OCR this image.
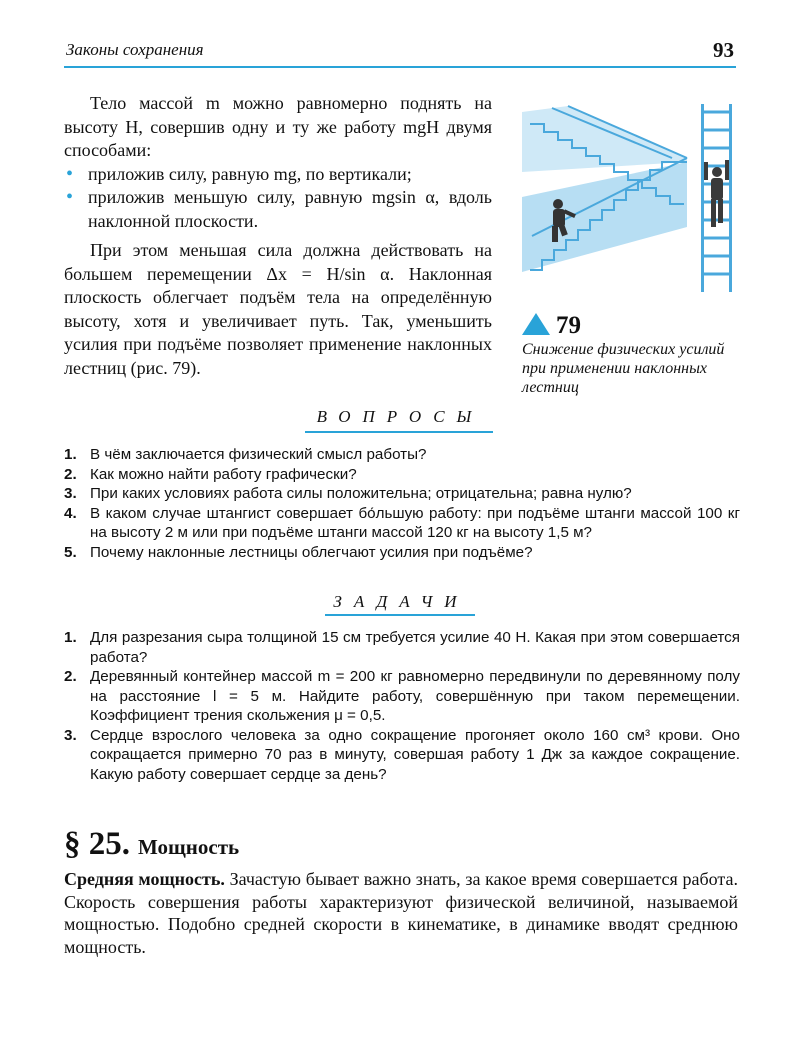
Законы сохранения	93

Тело массой m можно равномерно поднять на высоту H, совершив одну и ту же работу mgH двумя способами:

• приложив силу, равную mg, по вертикали;
• приложив меньшую силу, равную mgsin α, вдоль наклонной плоскости.

При этом меньшая сила должна действовать на большем перемещении Δx = H/sin α. Наклонная плоскость облегчает подъём тела на определённую высоту, хотя и увеличивает путь. Так, уменьшить усилия при подъёме позволяет применение наклонных лестниц (рис. 79).

79
Снижение физических усилий при применении наклонных лестниц
ВОПРОСЫ
1. В чём заключается физический смысл работы?
2. Как можно найти работу графически?
3. При каких условиях работа силы положительна; отрицательна; равна нулю?
4. В каком случае штангист совершает бо́льшую работу: при подъёме штанги массой 100 кг на высоту 2 м или при подъёме штанги массой 120 кг на высоту 1,5 м?
5. Почему наклонные лестницы облегчают усилия при подъёме?
ЗАДАЧИ
1. Для разрезания сыра толщиной 15 см требуется усилие 40 Н. Какая при этом совершается работа?
2. Деревянный контейнер массой m = 200 кг равномерно передвинули по деревянному полу на расстояние l = 5 м. Найдите работу, совершённую при таком перемещении. Коэффициент трения скольжения μ = 0,5.
3. Сердце взрослого человека за одно сокращение прогоняет около 160 см³ крови. Оно сокращается примерно 70 раз в минуту, совершая работу 1 Дж за каждое сокращение. Какую работу совершает сердце за день?
§ 25. Мощность
Средняя мощность. Зачастую бывает важно знать, за какое время совершается работа. Скорость совершения работы характеризуют физической величиной, называемой мощностью. Подобно средней скорости в кинематике, в динамике вводят среднюю мощность.
